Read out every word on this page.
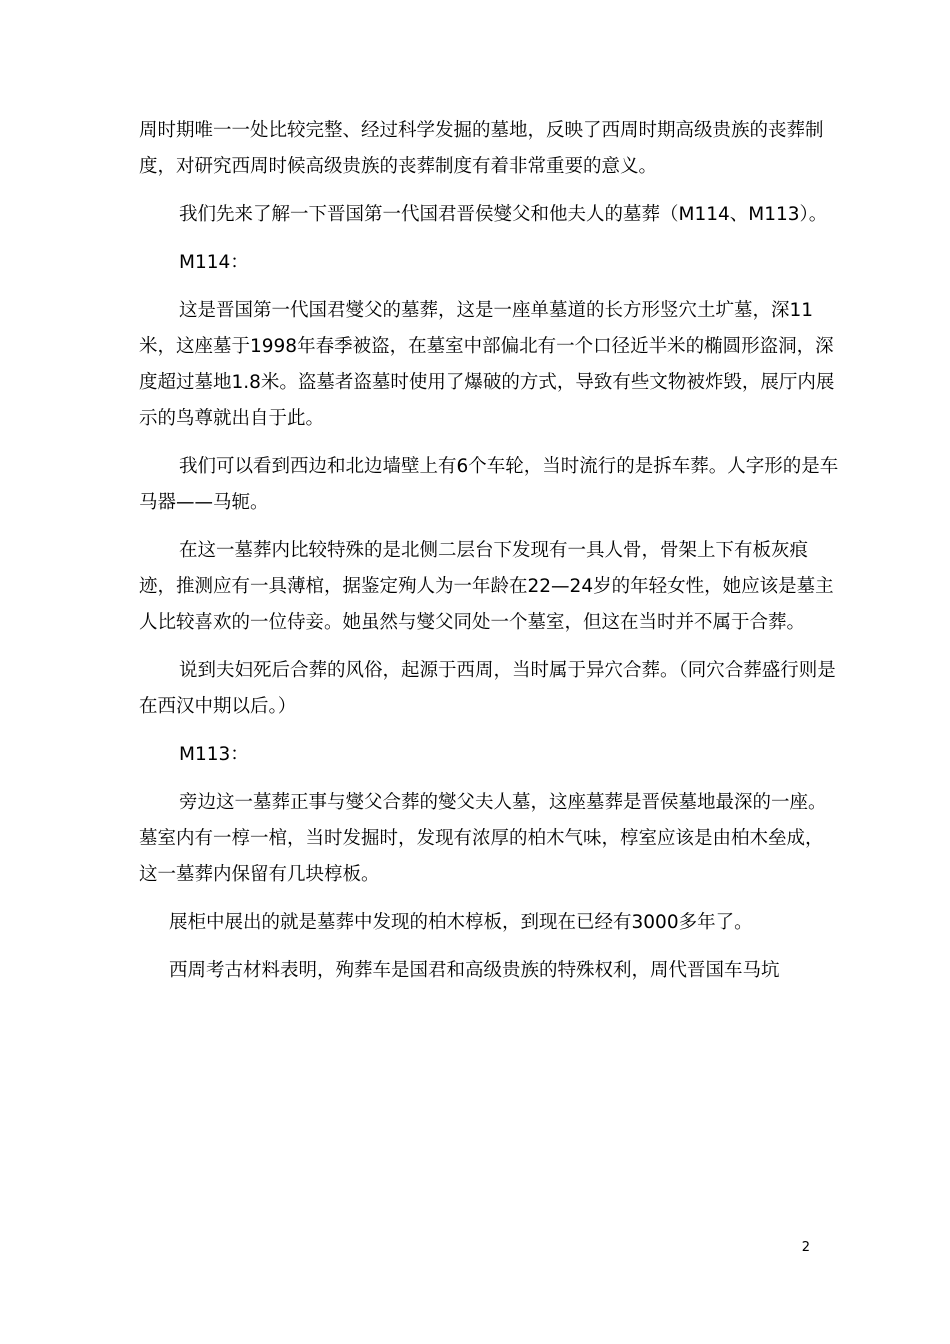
周时期唯一一处比较完整、经过科学发掘的墓地，反映了西周时期高级贵族的丧葬制度，对研究西周时候高级贵族的丧葬制度有着非常重要的意义。

我们先来了解一下晋国第一代国君晋侯燮父和他夫人的墓葬（M114、M113）。

M114：

这是晋国第一代国君燮父的墓葬，这是一座单墓道的长方形竖穴土圹墓，深11米，这座墓于1998年春季被盗，在墓室中部偏北有一个口径近半米的椭圆形盗洞，深度超过墓地1.8米。盗墓者盗墓时使用了爆破的方式，导致有些文物被炸毁，展厅内展示的鸟尊就出自于此。

我们可以看到西边和北边墙壁上有6个车轮，当时流行的是拆车葬。人字形的是车马器——马轭。

在这一墓葬内比较特殊的是北侧二层台下发现有一具人骨，骨架上下有板灰痕迹，推测应有一具薄棺，据鉴定殉人为一年龄在22—24岁的年轻女性，她应该是墓主人比较喜欢的一位侍妾。她虽然与燮父同处一个墓室，但这在当时并不属于合葬。

说到夫妇死后合葬的风俗，起源于西周，当时属于异穴合葬。（同穴合葬盛行则是在西汉中期以后。）

M113：

旁边这一墓葬正事与燮父合葬的燮父夫人墓，这座墓葬是晋侯墓地最深的一座。墓室内有一椁一棺，当时发掘时，发现有浓厚的柏木气味，椁室应该是由柏木垒成，这一墓葬内保留有几块椁板。

展柜中展出的就是墓葬中发现的柏木椁板，到现在已经有3000多年了。

西周考古材料表明，殉葬车是国君和高级贵族的特殊权利，周代晋国车马坑

2
